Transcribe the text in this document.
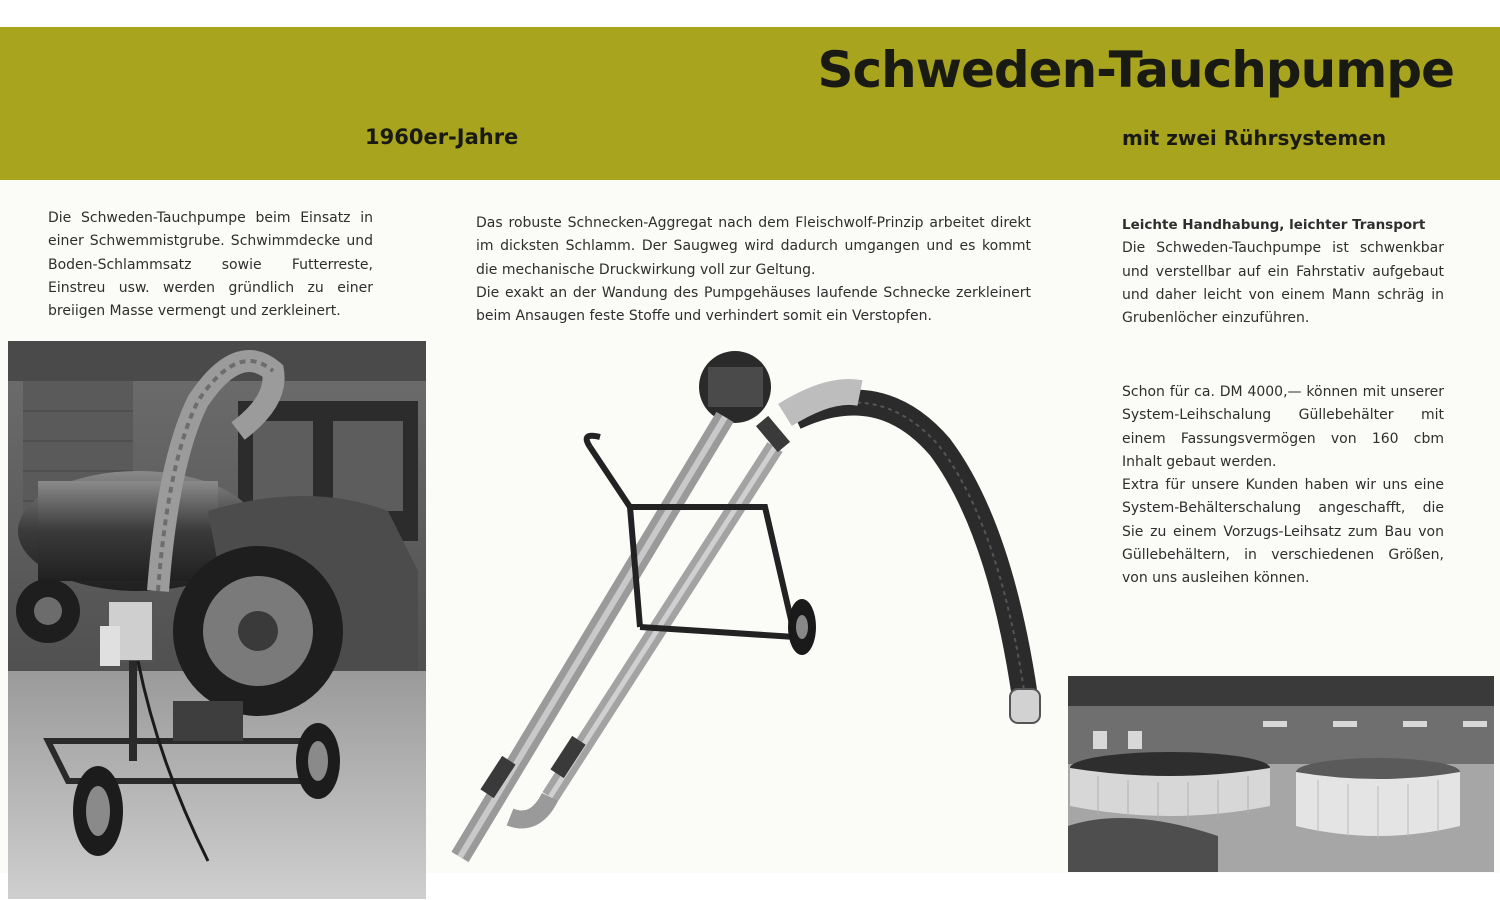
Schweden-Tauchpumpe
1960er-Jahre	mit zwei Rührsystemen

Die Schweden-Tauchpumpe beim Einsatz in einer Schwemmistgrube. Schwimmdecke und Boden-Schlammsatz sowie Futterreste, Einstreu usw. werden gründlich zu einer breiigen Masse vermengt und zerkleinert.

Das robuste Schnecken-Aggregat nach dem Fleischwolf-Prinzip arbeitet direkt im dicksten Schlamm. Der Saugweg wird dadurch umgangen und es kommt die mechanische Druckwirkung voll zur Geltung.

Die exakt an der Wandung des Pumpgehäuses laufende Schnecke zerkleinert beim Ansaugen feste Stoffe und verhindert somit ein Verstopfen.

Leichte Handhabung, leichter Transport

Die Schweden-Tauchpumpe ist schwenkbar und verstellbar auf ein Fahrstativ aufgebaut und daher leicht von einem Mann schräg in Grubenlöcher einzuführen.

Schon für ca. DM 4000,— können mit unserer System-Leihschalung Güllebehälter mit einem Fassungsvermögen von 160 cbm Inhalt gebaut werden.

Extra für unsere Kunden haben wir uns eine System-Behälterschalung angeschafft, die Sie zu einem Vorzugs-Leihsatz zum Bau von Güllebehältern, in verschiedenen Größen, von uns ausleihen können.
